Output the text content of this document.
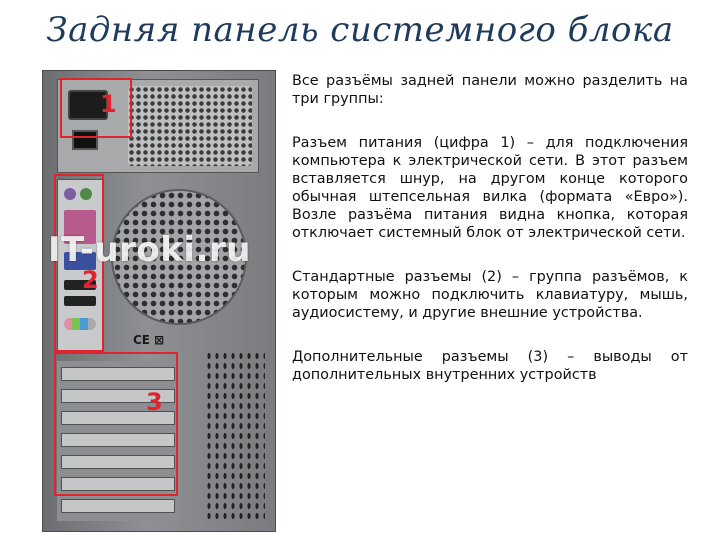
Задняя панель системного блока
CE ⊠
1
2
3
IT-uroki.ru

Все разъёмы задней панели можно разделить на три группы:

Разъем питания (цифра 1) – для подключения компьютера к электрической сети. В этот разъем вставляется шнур, на другом конце которого обычная штепсельная вилка (формата «Евро»). Возле разъёма питания видна кнопка, которая отключает системный блок от электрической сети.

Стандартные разъемы (2) – группа разъёмов, к которым можно подключить клавиатуру, мышь, аудиосистему, и другие внешние устройства.

Дополнительные разъемы (3) – выводы от дополнительных внутренних устройств
